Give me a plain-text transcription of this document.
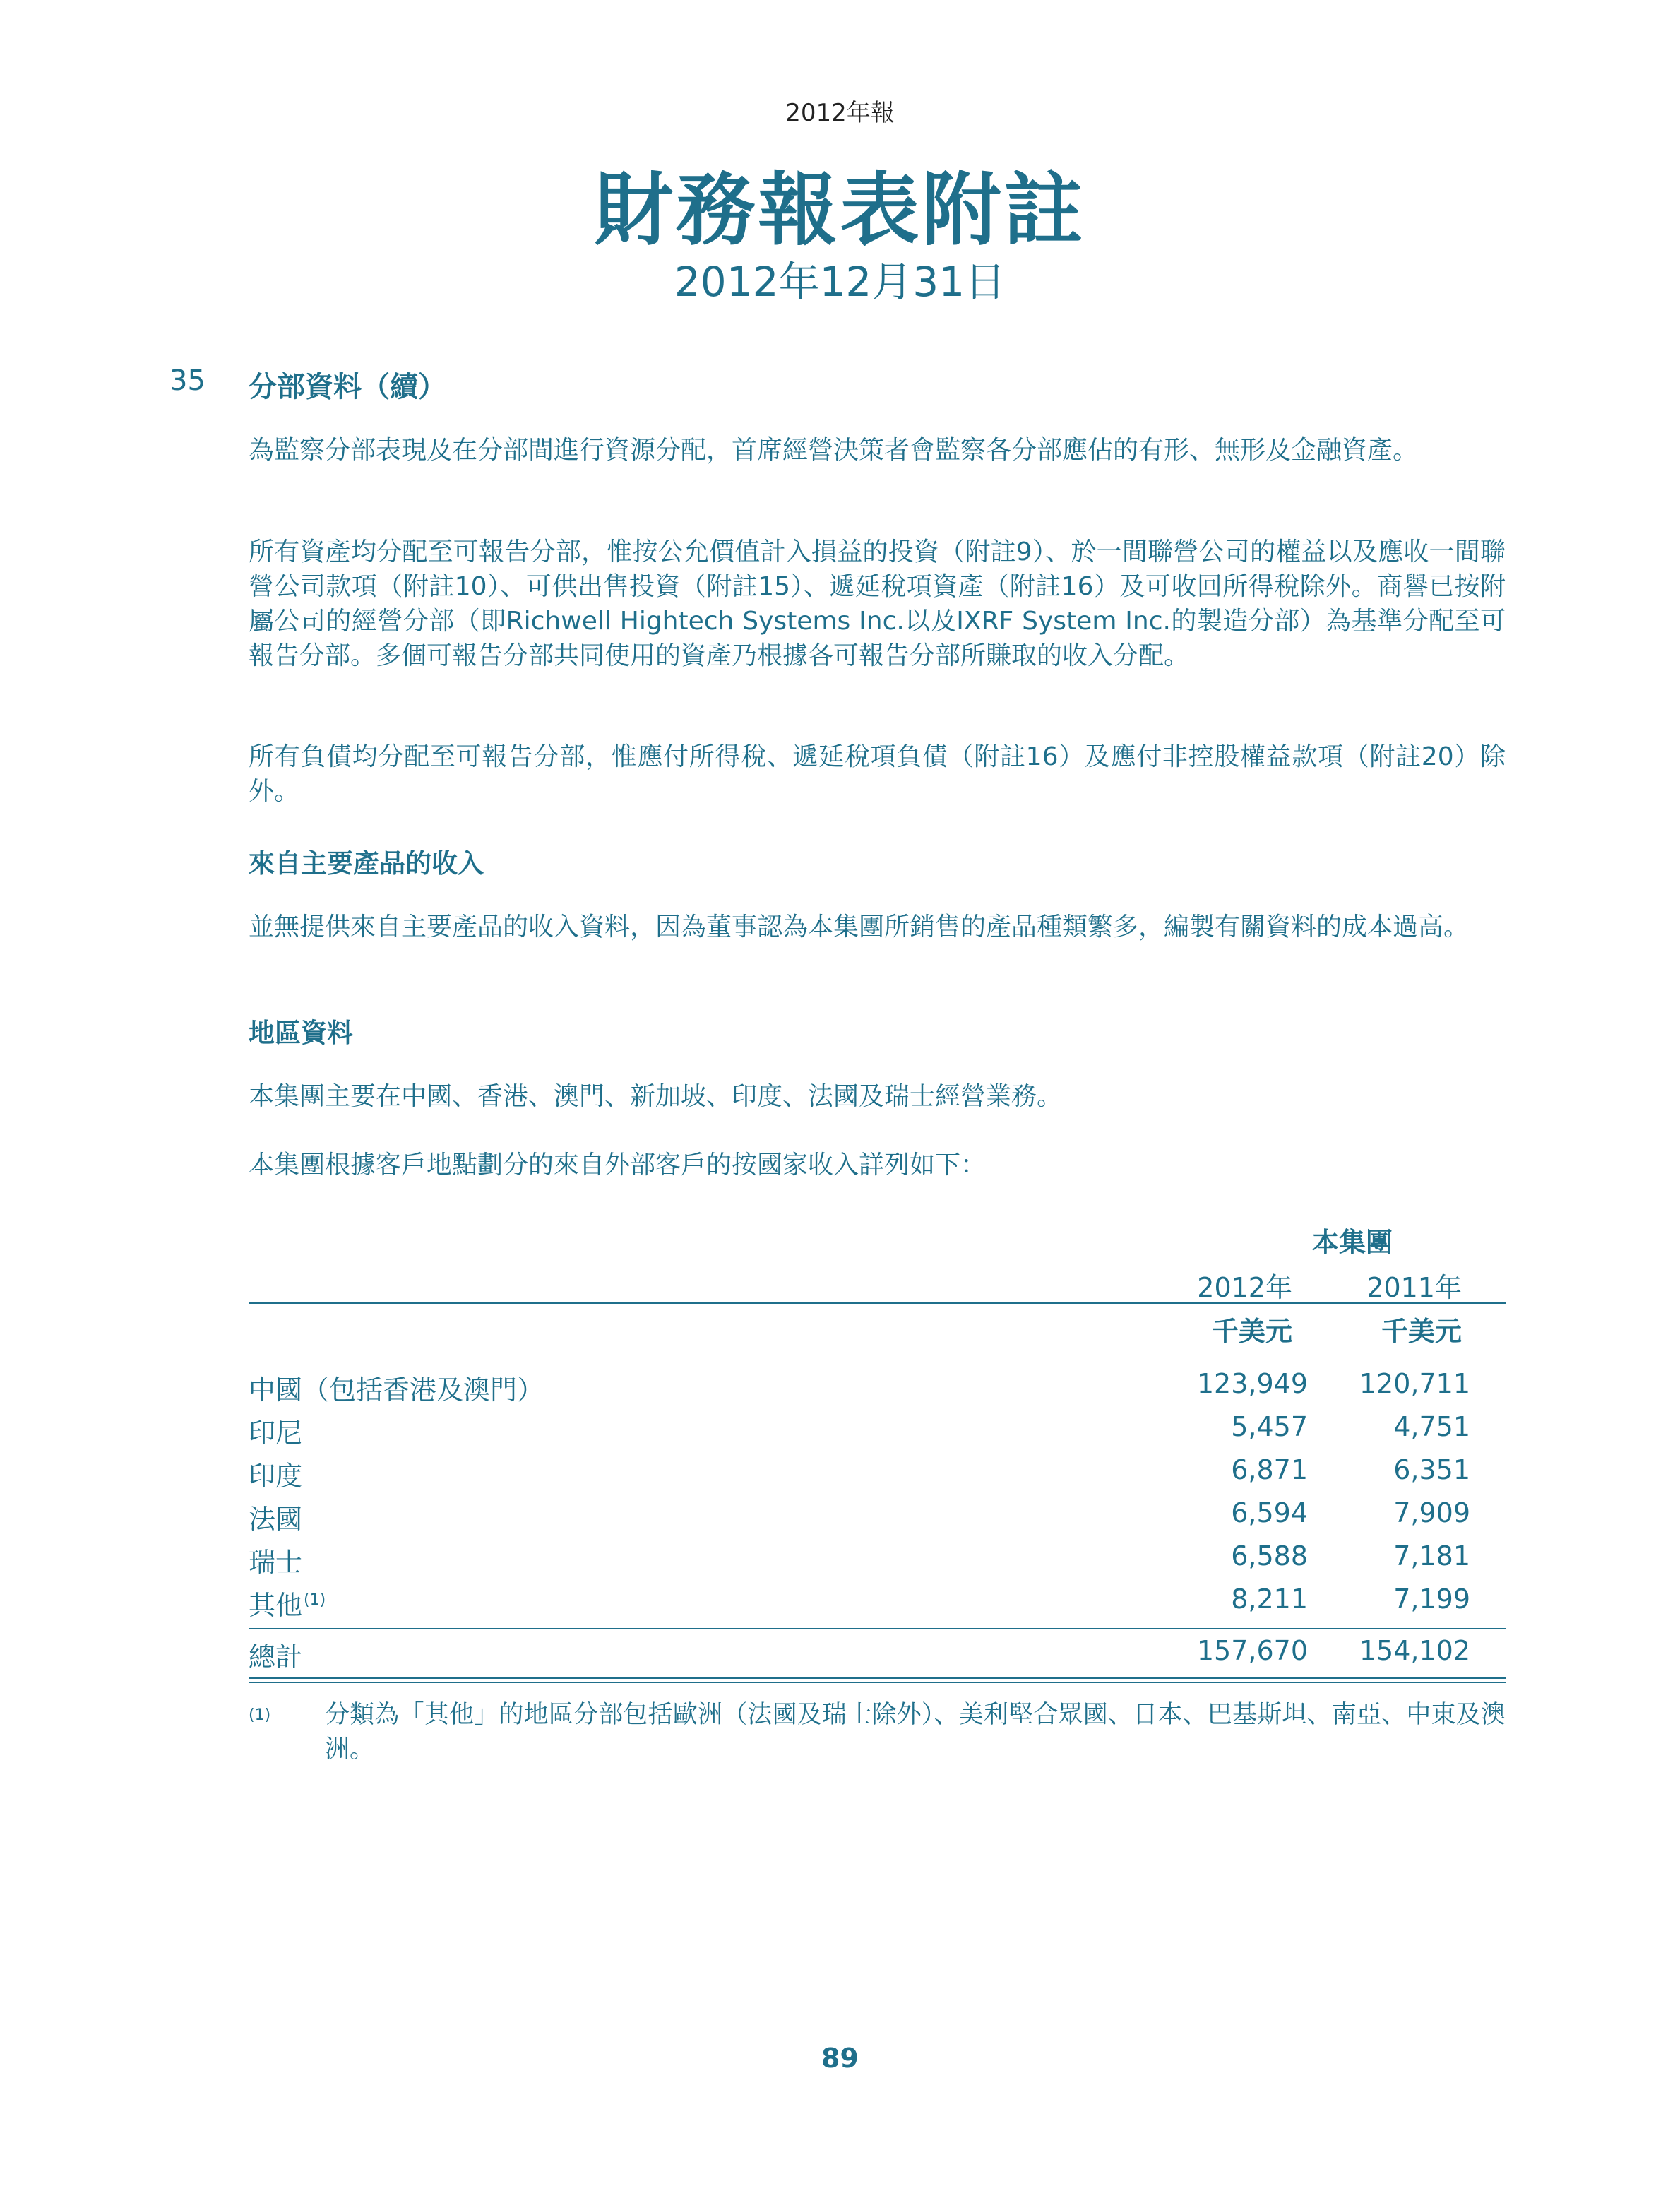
2012年報
財務報表附註
2012年12月31日
35 分部資料（續）
為監察分部表現及在分部間進行資源分配，首席經營決策者會監察各分部應佔的有形、無形及金融資產。
所有資產均分配至可報告分部，惟按公允價值計入損益的投資（附註9）、於一間聯營公司的權益以及應收一間聯營公司款項（附註10）、可供出售投資（附註15）、遞延稅項資產（附註16）及可收回所得稅除外。商譽已按附屬公司的經營分部（即Richwell Hightech Systems Inc.以及IXRF System Inc.的製造分部）為基準分配至可報告分部。多個可報告分部共同使用的資產乃根據各可報告分部所賺取的收入分配。
所有負債均分配至可報告分部，惟應付所得稅、遞延稅項負債（附註16）及應付非控股權益款項（附註20）除外。
來自主要產品的收入
並無提供來自主要產品的收入資料，因為董事認為本集團所銷售的產品種類繁多，編製有關資料的成本過高。
地區資料
本集團主要在中國、香港、澳門、新加坡、印度、法國及瑞士經營業務。
本集團根據客戶地點劃分的來自外部客戶的按國家收入詳列如下：
本集團
2012年	2011年
千美元	千美元
中國（包括香港及澳門）	123,949	120,711
印尼	5,457	4,751
印度	6,871	6,351
法國	6,594	7,909
瑞士	6,588	7,181
其他$^{(1)}$	8,211	7,199
總計	157,670	154,102
(1) 分類為「其他」的地區分部包括歐洲（法國及瑞士除外）、美利堅合眾國、日本、巴基斯坦、南亞、中東及澳洲。
89
